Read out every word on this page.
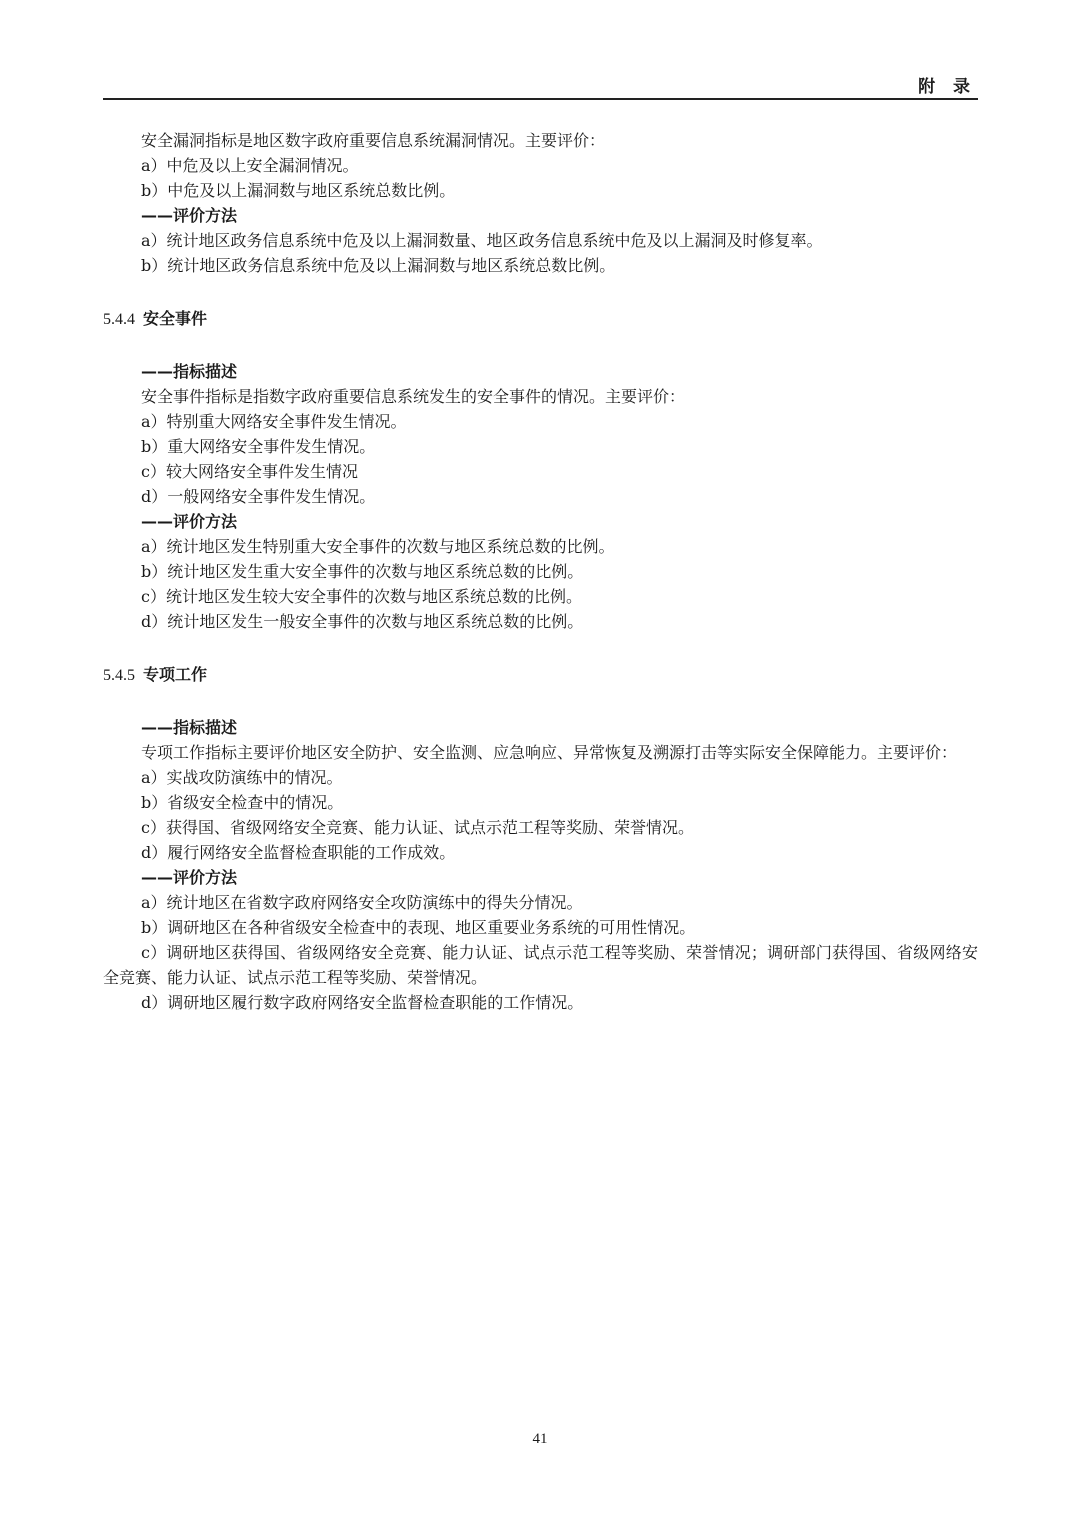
附 录
安全漏洞指标是地区数字政府重要信息系统漏洞情况。主要评价：
a）中危及以上安全漏洞情况。
b）中危及以上漏洞数与地区系统总数比例。
——评价方法
a）统计地区政务信息系统中危及以上漏洞数量、地区政务信息系统中危及以上漏洞及时修复率。
b）统计地区政务信息系统中危及以上漏洞数与地区系统总数比例。
5.4.4 安全事件
——指标描述
安全事件指标是指数字政府重要信息系统发生的安全事件的情况。主要评价：
a）特别重大网络安全事件发生情况。
b）重大网络安全事件发生情况。
c）较大网络安全事件发生情况
d）一般网络安全事件发生情况。
——评价方法
a）统计地区发生特别重大安全事件的次数与地区系统总数的比例。
b）统计地区发生重大安全事件的次数与地区系统总数的比例。
c）统计地区发生较大安全事件的次数与地区系统总数的比例。
d）统计地区发生一般安全事件的次数与地区系统总数的比例。
5.4.5 专项工作
——指标描述
专项工作指标主要评价地区安全防护、安全监测、应急响应、异常恢复及溯源打击等实际安全保障能力。主要评价：
a）实战攻防演练中的情况。
b）省级安全检查中的情况。
c）获得国、省级网络安全竞赛、能力认证、试点示范工程等奖励、荣誉情况。
d）履行网络安全监督检查职能的工作成效。
——评价方法
a）统计地区在省数字政府网络安全攻防演练中的得失分情况。
b）调研地区在各种省级安全检查中的表现、地区重要业务系统的可用性情况。
c）调研地区获得国、省级网络安全竞赛、能力认证、试点示范工程等奖励、荣誉情况；调研部门获得国、省级网络安全竞赛、能力认证、试点示范工程等奖励、荣誉情况。
d）调研地区履行数字政府网络安全监督检查职能的工作情况。
41
